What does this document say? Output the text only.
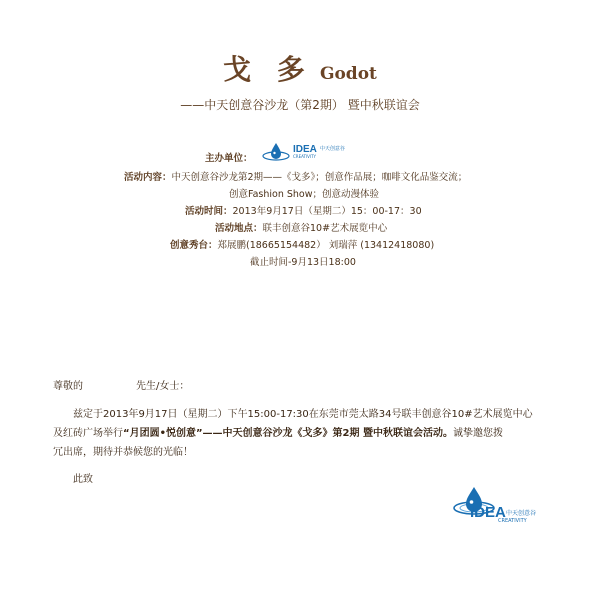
戈 多 Godot
——中天创意谷沙龙（第2期） 暨中秋联谊会
主办单位：
IDEA
CREATIVITY
中天创意谷
活动内容：中天创意谷沙龙第2期——《戈多》；创意作品展；咖啡文化品鉴交流；
创意Fashion Show；创意动漫体验
活动时间：2013年9月17日（星期二）15：00-17：30
活动地点：联丰创意谷10#艺术展览中心
创意秀台：郑展鹏(18665154482） 刘瑞萍 (13412418080)
截止时间-9月13日18:00
尊敬的	先生/女士：
兹定于2013年9月17日（星期二）下午15:00-17:30在东莞市莞太路34号联丰创意谷10#艺术展览中心
及红砖广场举行“月团圆•悦创意”——中天创意谷沙龙《戈多》第2期 暨中秋联谊会活动。诚挚邀您拨
冗出席，期待并恭候您的光临！
此致
IDEA
CREATIVITY
中天创意谷
